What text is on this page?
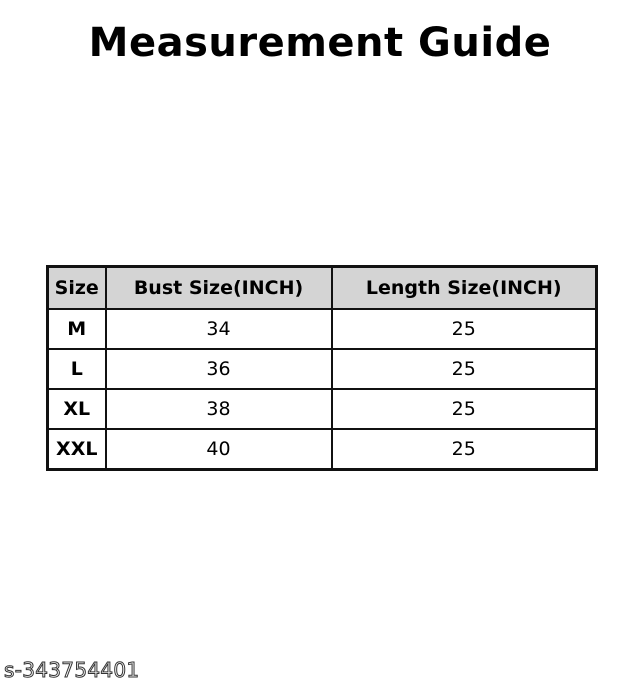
Measurement Guide
Size	Bust Size(INCH)	Length Size(INCH)
M	34	25
L	36	25
XL	38	25
XXL	40	25
s-343754401
